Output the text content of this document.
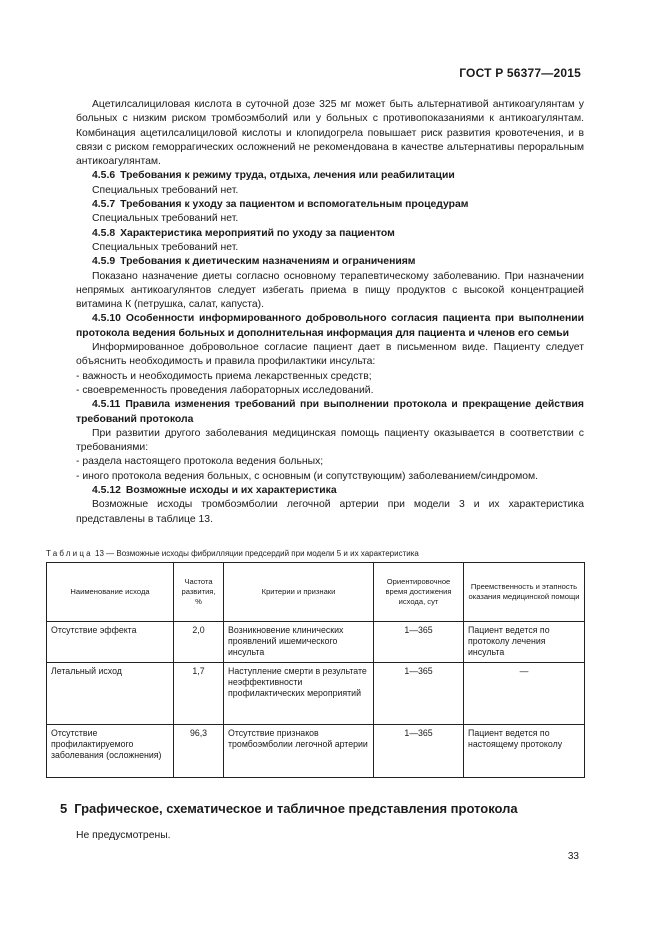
ГОСТ Р 56377—2015

Ацетилсалициловая кислота в суточной дозе 325 мг может быть альтернативой антикоагулянтам у больных с низким риском тромбоэмболий или у больных с противопоказаниями к антикоагулянтам. Комбинация ацетилсалициловой кислоты и клопидогрела повышает риск развития кровотечения, и в связи с риском геморрагических осложнений не рекомендована в качестве альтернативы пероральным антикоагулянтам.

4.5.6 Требования к режиму труда, отдыха, лечения или реабилитации

Специальных требований нет.

4.5.7 Требования к уходу за пациентом и вспомогательным процедурам

Специальных требований нет.

4.5.8 Характеристика мероприятий по уходу за пациентом

Специальных требований нет.

4.5.9 Требования к диетическим назначениям и ограничениям

Показано назначение диеты согласно основному терапевтическому заболеванию. При назначении непрямых антикоагулянтов следует избегать приема в пищу продуктов с высокой концентрацией витамина К (петрушка, салат, капуста).

4.5.10 Особенности информированного добровольного согласия пациента при выполнении протокола ведения больных и дополнительная информация для пациента и членов его семьи

Информированное добровольное согласие пациент дает в письменном виде. Пациенту следует объяснить необходимость и правила профилактики инсульта:

- важность и необходимость приема лекарственных средств;

- своевременность проведения лабораторных исследований.

4.5.11 Правила изменения требований при выполнении протокола и прекращение действия требований протокола

При развитии другого заболевания медицинская помощь пациенту оказывается в соответствии с требованиями:

- раздела настоящего протокола ведения больных;

- иного протокола ведения больных, с основным (и сопутствующим) заболеванием/синдромом.

4.5.12 Возможные исходы и их характеристика

Возможные исходы тромбоэмболии легочной артерии при модели 3 и их характеристика представлены в таблице 13.

Таблица 13 — Возможные исходы фибрилляции предсердий при модели 5 и их характеристика
Наименование исхода	Частота развития, %	Критерии и признаки	Ориентировочное время достижения исхода, сут	Преемственность и этапность оказания медицинской помощи
Отсутствие эффекта	2,0	Возникновение клинических проявлений ишемического инсульта	1—365	Пациент ведется по протоколу лечения инсульта
Летальный исход	1,7	Наступление смерти в результате неэффективности профилактических мероприятий	1—365	—
Отсутствие профилактируемого заболевания (осложнения)	96,3	Отсутствие признаков тромбоэмболии легочной артерии	1—365	Пациент ведется по настоящему протоколу
5 Графическое, схематическое и табличное представления протокола
Не предусмотрены.
33
